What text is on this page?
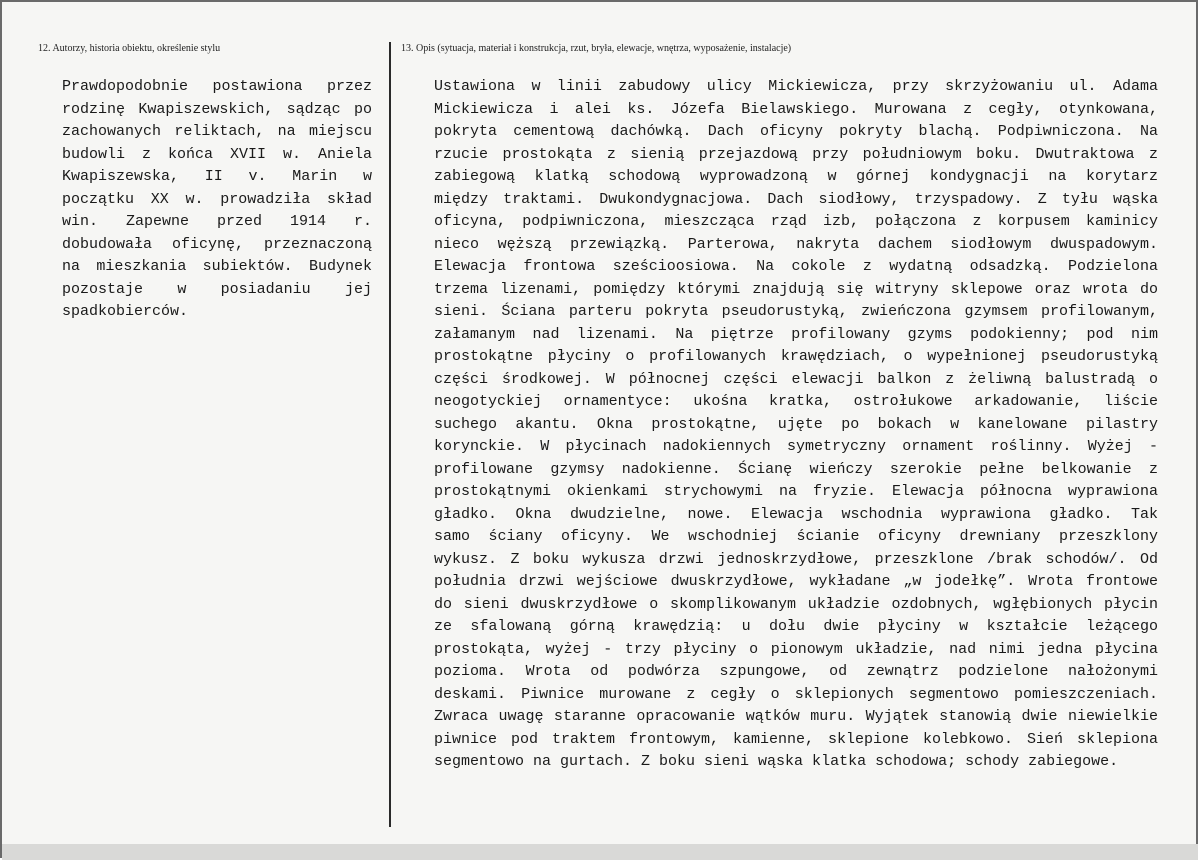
12. Autorzy, historia obiektu, określenie stylu	13. Opis (sytuacja, materiał i konstrukcja, rzut, bryła, elewacje, wnętrza, wyposażenie, instalacje)

Prawdopodobnie postawiona przez

rodzinę Kwapiszewskich, sądząc po

zachowanych reliktach, na miejscu

budowli z końca XVII w. Aniela

Kwapiszewska, II v. Marin w

początku XX w. prowadziła skład

win. Zapewne przed 1914 r.

dobudowała oficynę, przeznaczoną

na mieszkania subiektów. Budynek

pozostaje w posiadaniu jej

spadkobierców.

Ustawiona w linii zabudowy ulicy Mickiewicza, przy skrzyżowaniu ul. Adama

Mickiewicza i alei ks. Józefa Bielawskiego. Murowana z cegły, otynkowana,

pokryta cementową dachówką. Dach oficyny pokryty blachą. Podpiwniczona. Na

rzucie prostokąta z sienią przejazdową przy południowym boku. Dwutraktowa z

zabiegową klatką schodową wyprowadzoną w górnej kondygnacji na korytarz

między traktami. Dwukondygnacjowa. Dach siodłowy, trzyspadowy. Z tyłu wąska

oficyna, podpiwniczona, mieszcząca rząd izb, połączona z korpusem kaminicy

nieco węższą przewiązką. Parterowa, nakryta dachem siodłowym dwuspadowym.

Elewacja frontowa sześcioosiowa. Na cokole z wydatną odsadzką. Podzielona

trzema lizenami, pomiędzy którymi znajdują się witryny sklepowe oraz wrota do

sieni. Ściana parteru pokryta pseudorustyką, zwieńczona gzymsem profilowanym,

załamanym nad lizenami. Na piętrze profilowany gzyms podokienny; pod nim

prostokątne płyciny o profilowanych krawędziach, o wypełnionej pseudorustyką

części środkowej. W północnej części elewacji balkon z żeliwną balustradą o

neogotyckiej ornamentyce: ukośna kratka, ostrołukowe arkadowanie, liście

suchego akantu. Okna prostokątne, ujęte po bokach w kanelowane pilastry

korynckie. W płycinach nadokiennych symetryczny ornament roślinny. Wyżej -

profilowane gzymsy nadokienne. Ścianę wieńczy szerokie pełne belkowanie z

prostokątnymi okienkami strychowymi na fryzie. Elewacja północna wyprawiona

gładko. Okna dwudzielne, nowe. Elewacja wschodnia wyprawiona gładko. Tak

samo ściany oficyny. We wschodniej ścianie oficyny drewniany przeszklony

wykusz. Z boku wykusza drzwi jednoskrzydłowe, przeszklone /brak schodów/. Od

południa drzwi wejściowe dwuskrzydłowe, wykładane „w jodełkę”. Wrota frontowe

do sieni dwuskrzydłowe o skomplikowanym układzie ozdobnych, wgłębionych płycin

ze sfalowaną górną krawędzią: u dołu dwie płyciny w kształcie leżącego

prostokąta, wyżej - trzy płyciny o pionowym układzie, nad nimi jedna płycina

pozioma. Wrota od podwórza szpungowe, od zewnątrz podzielone nałożonymi

deskami. Piwnice murowane z cegły o sklepionych segmentowo pomieszczeniach.

Zwraca uwagę staranne opracowanie wątków muru. Wyjątek stanowią dwie niewielkie

piwnice pod traktem frontowym, kamienne, sklepione kolebkowo. Sień sklepiona

segmentowo na gurtach. Z boku sieni wąska klatka schodowa; schody zabiegowe.
